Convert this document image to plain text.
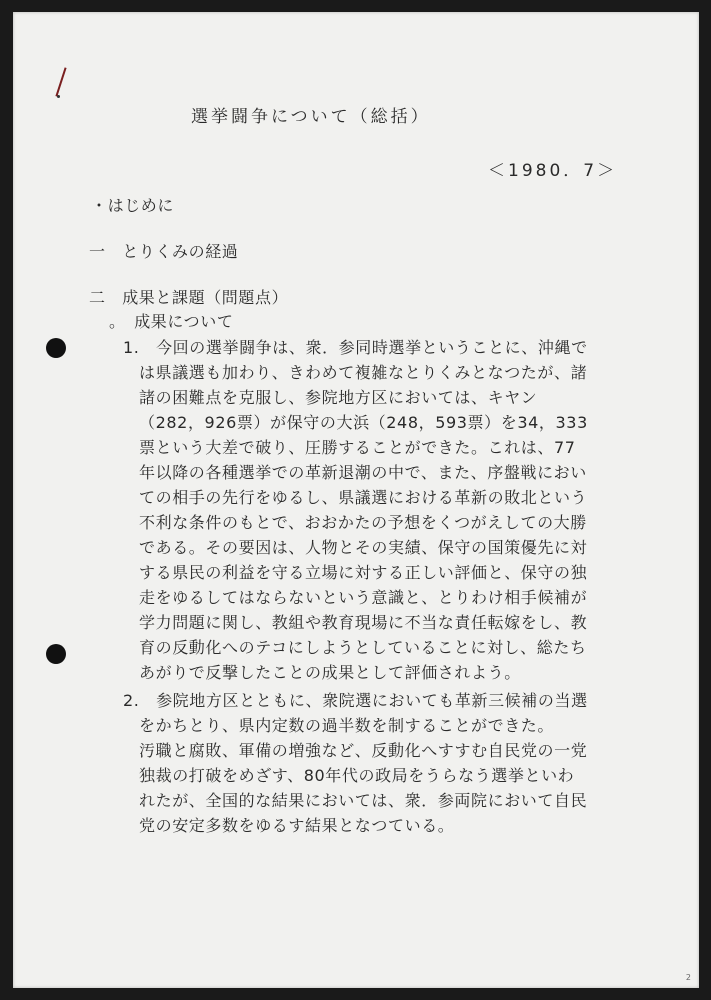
選挙闘争について（総括）
＜1980．7＞
・はじめに
一　とりくみの経過
二　成果と課題（問題点）
。　成果について
1.　今回の選挙闘争は、衆．参同時選挙ということに、沖縄で
は県議選も加わり、きわめて複雑なとりくみとなつたが、諸
諸の困難点を克服し、参院地方区においては、キヤン
（282，926票）が保守の大浜（248，593票）を34，333
票という大差で破り、圧勝することができた。これは、77
年以降の各種選挙での革新退潮の中で、また、序盤戦におい
ての相手の先行をゆるし、県議選における革新の敗北という
不利な条件のもとで、おおかたの予想をくつがえしての大勝
である。その要因は、人物とその実績、保守の国策優先に対
する県民の利益を守る立場に対する正しい評価と、保守の独
走をゆるしてはならないという意識と、とりわけ相手候補が
学力問題に関し、教組や教育現場に不当な責任転嫁をし、教
育の反動化へのテコにしようとしていることに対し、総たち
あがりで反撃したことの成果として評価されよう。
2.　参院地方区とともに、衆院選においても革新三候補の当選
をかちとり、県内定数の過半数を制することができた。
汚職と腐敗、軍備の増強など、反動化へすすむ自民党の一党
独裁の打破をめざす、80年代の政局をうらなう選挙といわ
れたが、全国的な結果においては、衆．参両院において自民
党の安定多数をゆるす結果となつている。
2
